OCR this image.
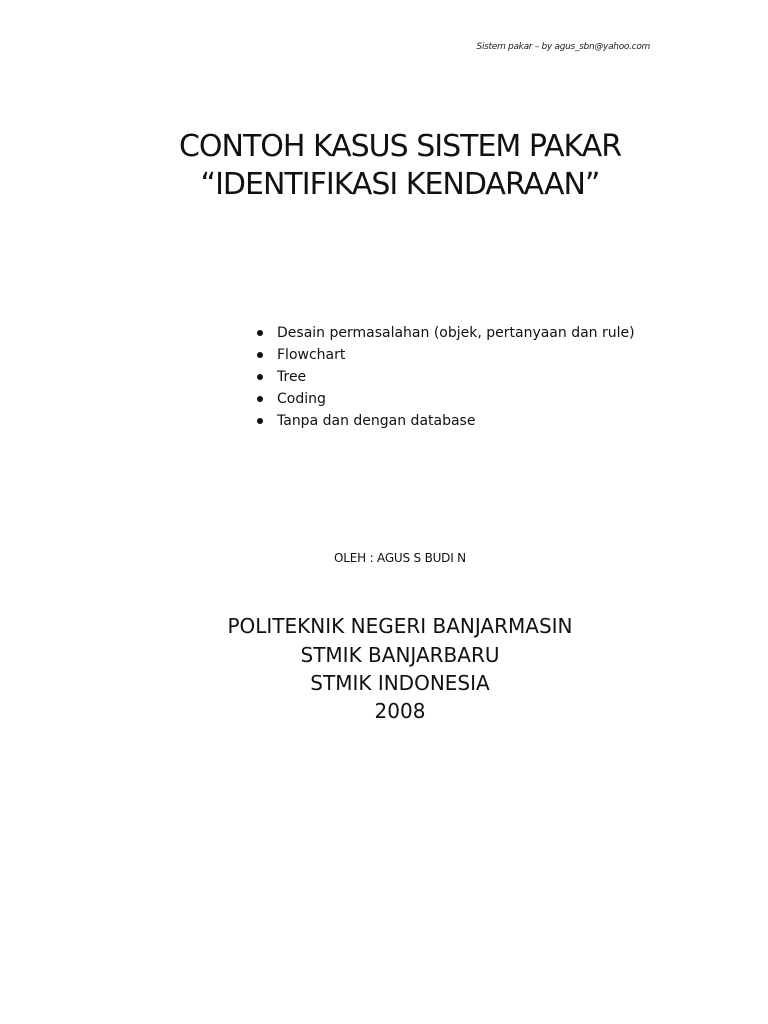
Sistem pakar – by agus_sbn@yahoo.com
CONTOH KASUS SISTEM PAKAR
“IDENTIFIKASI KENDARAAN”
Desain permasalahan (objek, pertanyaan dan rule)
Flowchart
Tree
Coding
Tanpa dan dengan database
OLEH : AGUS S BUDI N
POLITEKNIK NEGERI BANJARMASIN
STMIK BANJARBARU
STMIK INDONESIA
2008
